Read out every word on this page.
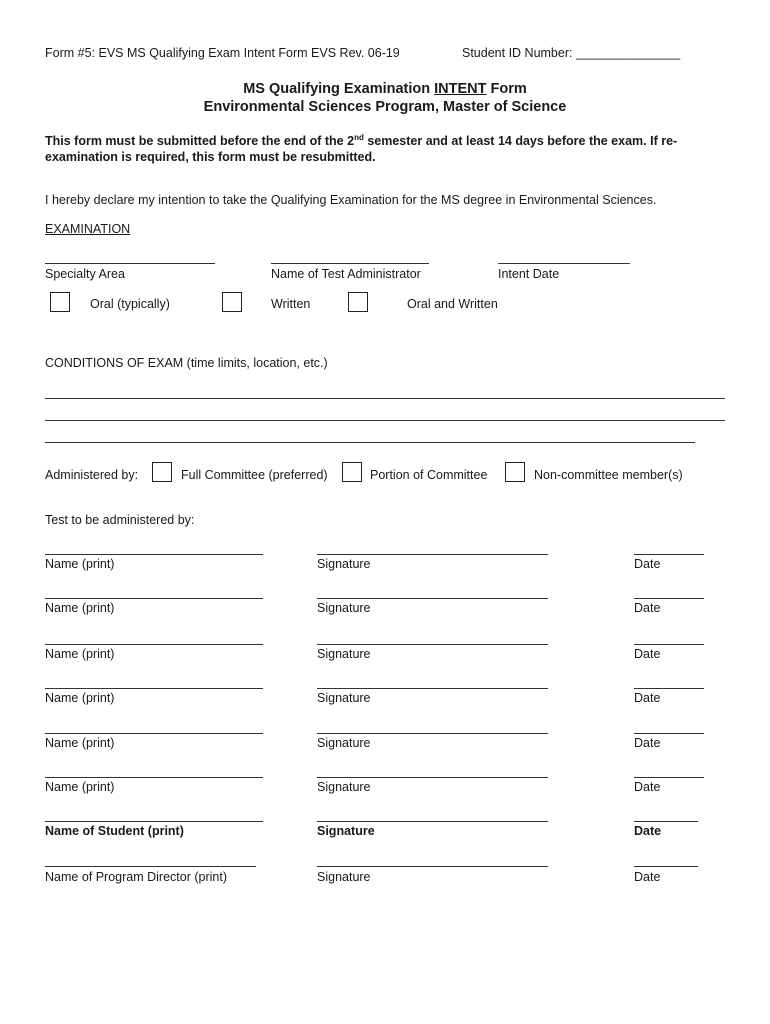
Form #5: EVS MS Qualifying Exam Intent Form EVS Rev. 06-19	Student ID Number: _______________
MS Qualifying Examination INTENT Form
Environmental Sciences Program, Master of Science
This form must be submitted before the end of the 2nd semester and at least 14 days before the exam. If re-examination is required, this form must be resubmitted.
I hereby declare my intention to take the Qualifying Examination for the MS degree in Environmental Sciences.
EXAMINATION
Specialty Area	Name of Test Administrator	Intent Date
Oral (typically)	Written	Oral and Written
CONDITIONS OF EXAM (time limits, location, etc.)
Administered by:	Full Committee (preferred)	Portion of Committee	Non-committee member(s)
Test to be administered by:
Name (print)	Signature	Date
Name (print)	Signature	Date
Name (print)	Signature	Date
Name (print)	Signature	Date
Name (print)	Signature	Date
Name (print)	Signature	Date
Name of Student (print)	Signature	Date
Name of Program Director (print)	Signature	Date
